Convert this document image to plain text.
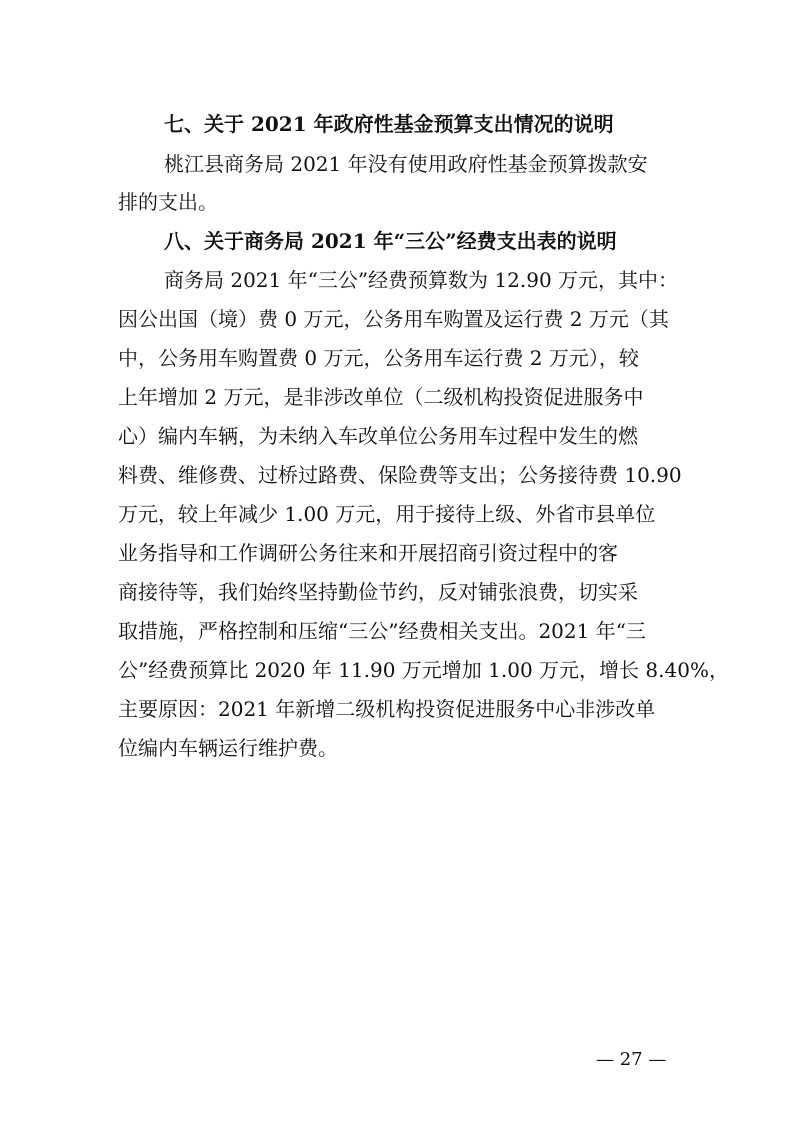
七、关于 2021 年政府性基金预算支出情况的说明
桃江县商务局 2021 年没有使用政府性基金预算拨款安
排的支出。
八、关于商务局 2021 年“三公”经费支出表的说明
商务局 2021 年“三公”经费预算数为 12.90 万元，其中：
因公出国（境）费 0 万元，公务用车购置及运行费 2 万元（其
中，公务用车购置费 0 万元，公务用车运行费 2 万元），较
上年增加 2 万元，是非涉改单位（二级机构投资促进服务中
心）编内车辆，为未纳入车改单位公务用车过程中发生的燃
料费、维修费、过桥过路费、保险费等支出；公务接待费 10.90
万元，较上年减少 1.00 万元，用于接待上级、外省市县单位
业务指导和工作调研公务往来和开展招商引资过程中的客
商接待等，我们始终坚持勤俭节约，反对铺张浪费，切实采
取措施，严格控制和压缩“三公”经费相关支出。2021 年“三
公”经费预算比 2020 年 11.90 万元增加 1.00 万元，增长 8.40%，
主要原因：2021 年新增二级机构投资促进服务中心非涉改单
位编内车辆运行维护费。
— 27 —
